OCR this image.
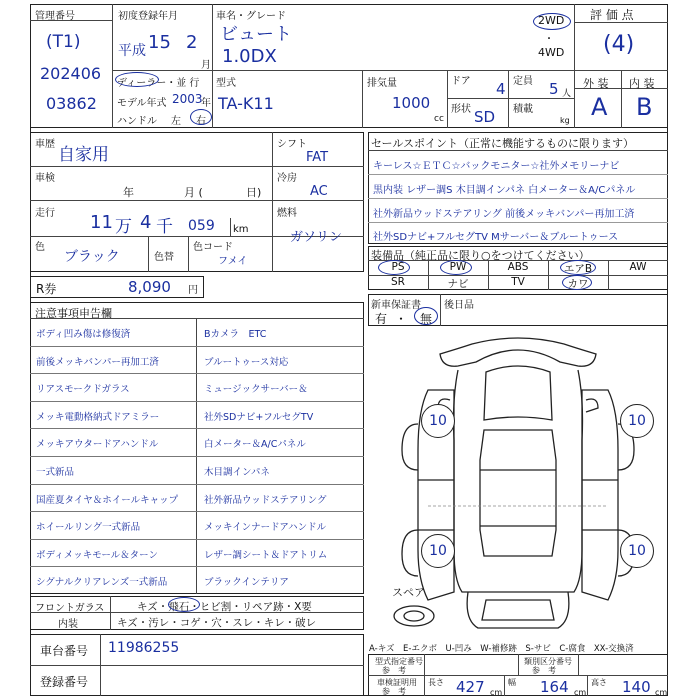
管理番号
(T1)
202406
03862
初度登録年月
平成 15 2
月
車名・グレード
ビュート
1.0DX
2WD
・
4WD
評 価 点
(4)
ディーラー・並 行
モデル年式 2003
年
ハンドル 左 右
型式
TA-K11
排気量
1000
cc
ドア 4 定員 5 人
形状 SD 積載
kg
外 装 内 装
A B
車歴
自家用
車検
年	月 (	日)
走行 11 万 4 千 059 km
色
ブラック	色替
色コード
フメイ
シフト
FAT
冷房
AC
燃料
ガソリン
R券	8,090 円
セールスポイント（正常に機能するものに限ります）
キーレス☆ＥＴＣ☆バックモニター☆社外メモリーナビ
黒内装 レザー調S 木目調インパネ 白メーター＆A/Cパネル
社外新品ウッドステアリング 前後メッキバンパー再加工済
社外SDナビ+フルセグTV Mサーバー＆ブルートゥース
装備品（純正品に限り○をつけてください）
PS	PW	ABS	エアB	AW
SR	ナビ	TV	カワ
新車保証書 後日品
有 ・ 無
注意事項申告欄
ボディ凹み傷は修復済	Bカメラ　ETC
前後メッキバンパー再加工済	ブルートゥース対応
リアスモークドガラス	ミュージックサーバー＆
メッキ電動格納式ドアミラー	社外SDナビ+フルセグTV
メッキアウタードアハンドル	白メーター＆A/Cパネル
一式新品	木目調インパネ
国産夏タイヤ＆ホイールキャップ	社外新品ウッドステアリング
ホイールリング一式新品	メッキインナードアハンドル
ボディメッキモール＆ターン	レザー調シート＆ドアトリム
シグナルクリアレンズ一式新品	ブラックインテリア
フロントガラス	キズ・飛石・ヒビ割・リペア跡・X要
内装	キズ・汚レ・コゲ・穴・スレ・キレ・破レ
車台番号 11986255
登録番号
10	10
10	10
スペア
A-キズ　E-エクボ　U-凹み　W-補修跡　S-サビ　C-腐食　XX-交換済
型式指定番号
参　考
類別区分番号
参　考
車検証明用
参　考
長さ 427 cm
幅 164 cm
高さ 140 cm
